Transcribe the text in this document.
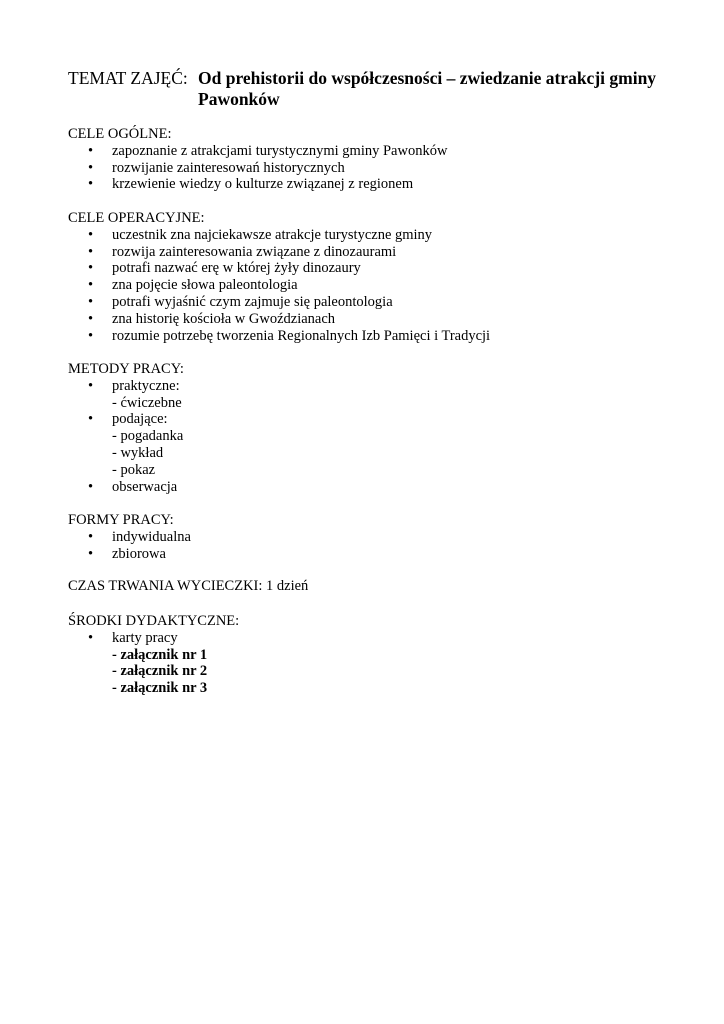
TEMAT ZAJĘĆ: Od prehistorii do współczesności – zwiedzanie atrakcji gminy
Pawonków
CELE OGÓLNE:
• zapoznanie z atrakcjami turystycznymi gminy Pawonków
• rozwijanie zainteresowań historycznych
• krzewienie wiedzy o kulturze związanej z regionem
CELE OPERACYJNE:
• uczestnik zna najciekawsze atrakcje turystyczne gminy
• rozwija zainteresowania związane z dinozaurami
• potrafi nazwać erę w której żyły dinozaury
• zna pojęcie słowa paleontologia
• potrafi wyjaśnić czym zajmuje się paleontologia
• zna historię kościoła w Gwoździanach
• rozumie potrzebę tworzenia Regionalnych Izb Pamięci i Tradycji
METODY PRACY:
• praktyczne:
- ćwiczebne
• podające:
- pogadanka
- wykład
- pokaz
• obserwacja
FORMY PRACY:
• indywidualna
• zbiorowa
CZAS TRWANIA WYCIECZKI: 1 dzień
ŚRODKI DYDAKTYCZNE:
• karty pracy
- załącznik nr 1
- załącznik nr 2
- załącznik nr 3
